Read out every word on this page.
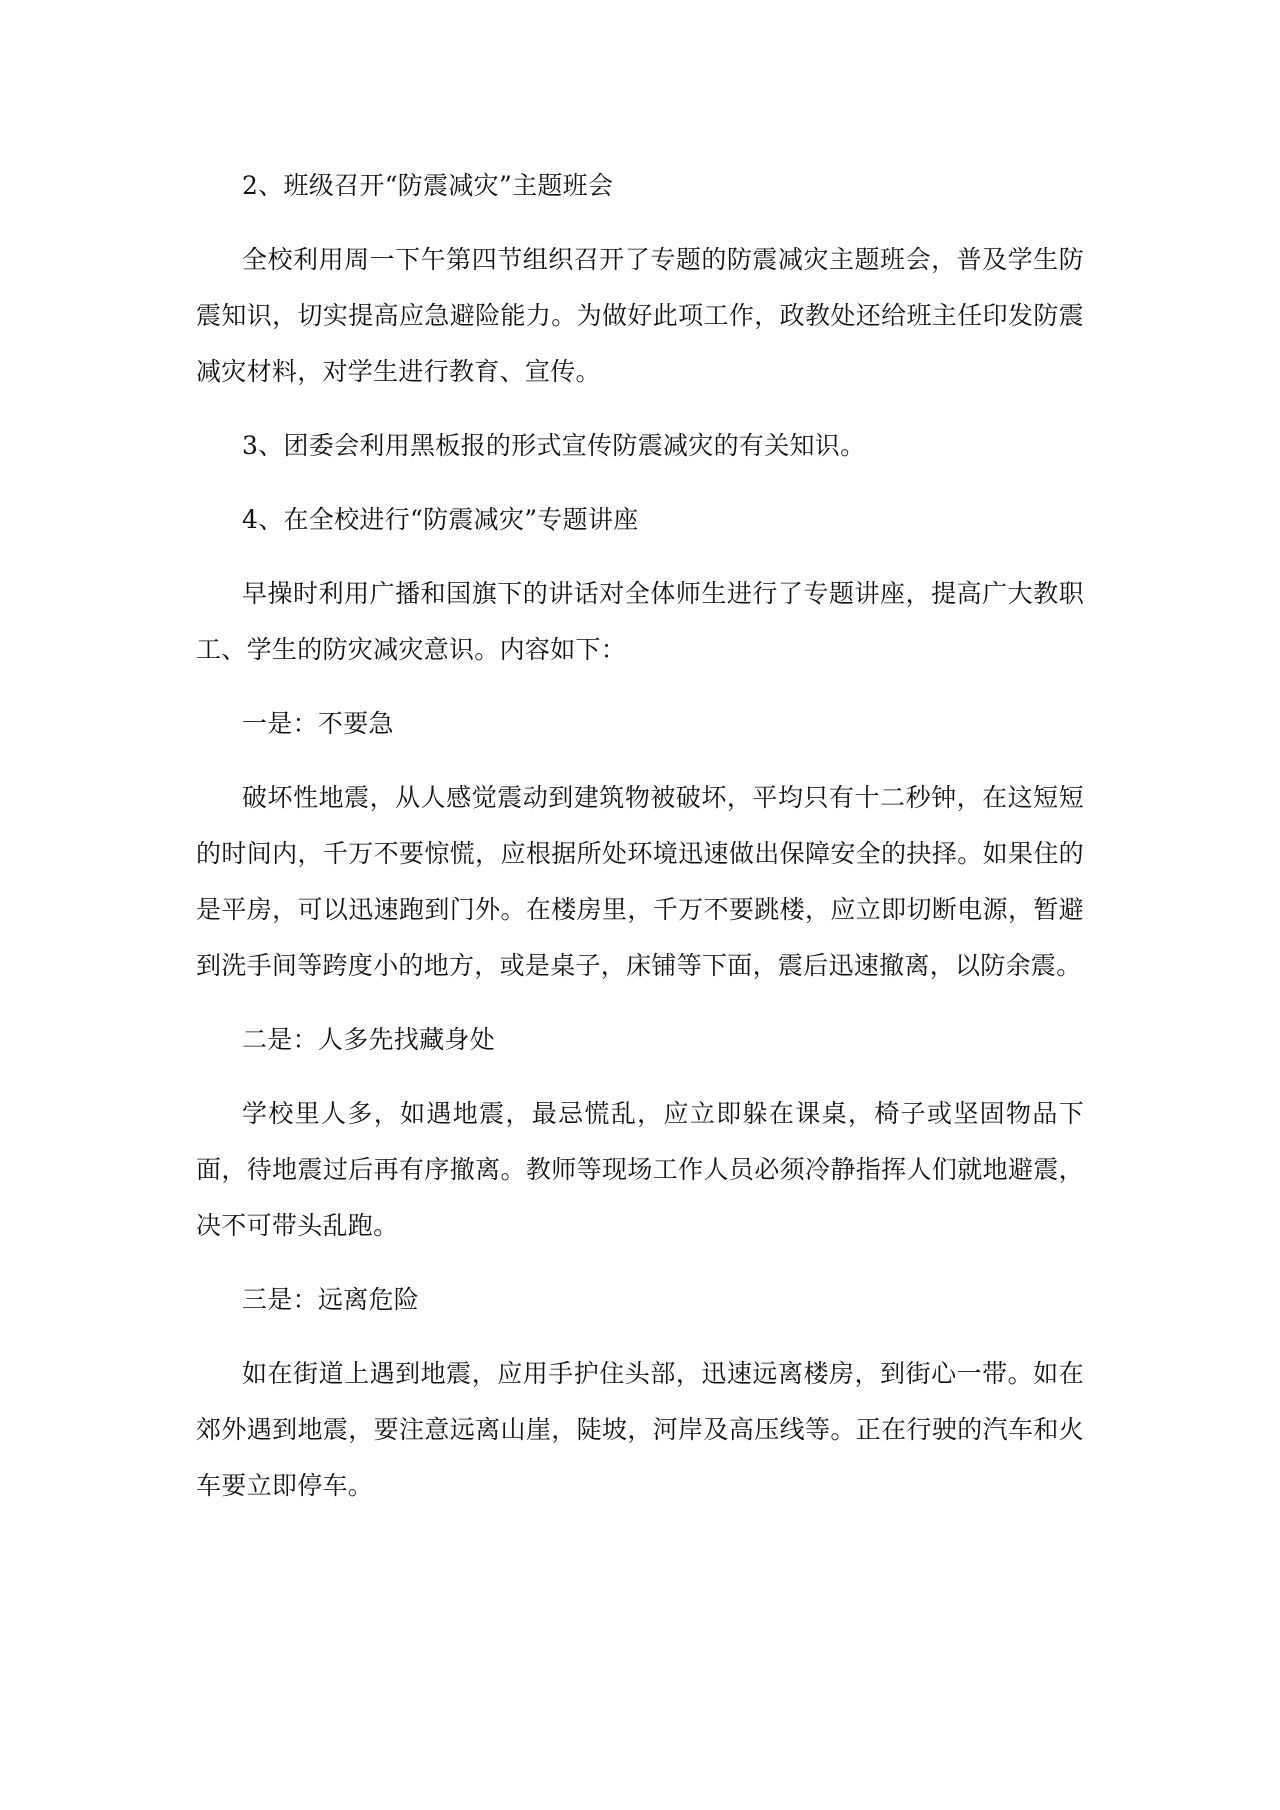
2、班级召开“防震减灾”主题班会

全校利用周一下午第四节组织召开了专题的防震减灾主题班会，普及学生防震知识，切实提高应急避险能力。为做好此项工作，政教处还给班主任印发防震减灾材料，对学生进行教育、宣传。

3、团委会利用黑板报的形式宣传防震减灾的有关知识。

4、在全校进行“防震减灾”专题讲座

早操时利用广播和国旗下的讲话对全体师生进行了专题讲座，提高广大教职工、学生的防灾减灾意识。内容如下：

一是：不要急

破坏性地震，从人感觉震动到建筑物被破坏，平均只有十二秒钟，在这短短的时间内，千万不要惊慌，应根据所处环境迅速做出保障安全的抉择。如果住的是平房，可以迅速跑到门外。在楼房里，千万不要跳楼，应立即切断电源，暂避到洗手间等跨度小的地方，或是桌子，床铺等下面，震后迅速撤离，以防余震。

二是：人多先找藏身处

学校里人多，如遇地震，最忌慌乱，应立即躲在课桌，椅子或坚固物品下面，待地震过后再有序撤离。教师等现场工作人员必须冷静指挥人们就地避震，决不可带头乱跑。

三是：远离危险

如在街道上遇到地震，应用手护住头部，迅速远离楼房，到街心一带。如在郊外遇到地震，要注意远离山崖，陡坡，河岸及高压线等。正在行驶的汽车和火车要立即停车。
